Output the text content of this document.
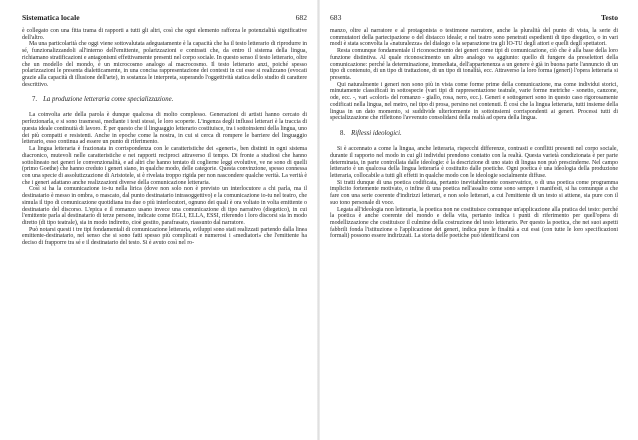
Sistematica locale	682

è collegato con una fitta trama di rapporti a tutti gli altri, così che ogni elemento rafforza le potenzialità significative dell'altro.

Ma una particolarità che oggi viene sottovalutata adeguatamente è la capacità che ha il testo letterario di riprodurre in sé, funzionalizzandoli all'interno dell'emittente, polarizzazioni e contrasti che, da entro il sistema della lingua, richiamano stratificazioni e antagonismi effettivamente presenti nel corpo sociale. In questo senso il testo letterario, oltre che un modello del mondo, è un microcosmo analogo al macrocosmo. Il testo letterario anzi, poiché spesso polarizzazioni le presenta dialetticamente, in una concisa rappresentazione dei contesti in cui esse si realizzano (evocati grazie alla capacità di illusione dell'arte), in sostanza le interpreta, superando l'oggettività statica dello studio di carattere descrittivo.

7. La produzione letteraria come specializzazione.

La coinvolta arte della parola è dunque qualcosa di molto complesso. Generazioni di artisti hanno cercato di perfezionarla, e si sono trasmessi, mediante i testi stessi, le loro scoperte. L'ingenza degli influssi letterari è la traccia di questa ideale continuità di lavoro. È per questo che il linguaggio letterario costituisce, tra i sottoinsiemi della lingua, uno dei più compatti e resistenti. Anche in epoche come la nostra, in cui si cerca di rompere le barriere del linguaggio letterario, esso continua ad essere un punto di riferimento.

La lingua letteraria è frazionata in corrispondenza con le caratteristiche dei «generi», ben distinti in ogni sistema diacronico, mutevoli nelle caratteristiche e nei rapporti reciproci attraverso il tempo. Di fronte a studiosi che hanno sottolineato nei generi le convenzionalità, e ad altri che hanno tentato di coglierne leggi evolutive, ve ne sono di quelli (primo Goethe) che hanno creduto i generi siano, in qualche modo, delle categorie. Questa convinzione, spesso connessa con una specie di assolutizzazione di Aristotele, si è rivelata troppo rigida per non nascondere qualche verità. La verità è che i generi adattano anche realizzazioni diverse della comunicazione letteraria.

Così si ha la comunicazione io-tu nella lirica (dove non solo non è previsto un interlocutore a chi parla, ma il destinatario è messo in ombra, o mascato, dal punto destinatario intrasoggettivo) e la comunicazione io-tu nel teatro, che simula il tipo di comunicazione quotidiana tra due o più interlocutori, ognuno dei quali è ora voltato in volta emittente o destinatario del discorso. L'epica e il romanzo usano invece una comunicazione di tipo narrativo (diegetico), in cui l'emittente parla al destinatario di terze persone, indicate come EGLI, ELLA, ESSI, riferendo i loro discorsi sia in modo diretto (di tipo teatrale), sia in modo indiretto, cioè gestito, parafrasato, riassunto dal narratore.

Può notarsi questi i tre tipi fondamentali di comunicazione letteraria, sviluppi sono stati realizzati partendo dalla linea emittente-destinatario, nel senso che si sono fatti spesso più complicati e numerosi i «mediatori» che l'emittente ha deciso di frapporre tra sé e il destinatario del testo. Si è avuto così nel ro-

683	Testo

manzo, oltre al narratore e al protagonista o testimone narratore, anche la pluralità del punto di vista, la serie di commutatori della partecipazione o del distacco ideale; e nel teatro sono penetrati espedienti di tipo diegetico, o in vari modi è stata sconvolta la «naturalezza» del dialogo o la separazione tra gli IO-TU degli attori e quelli degli spettatori.

Resta comunque fondamentale il riconoscimento dei generi come tipi di comunicazione, ciò che è alla base della loro funzione distintiva. Al quale riconoscimento un altro analogo va aggiunto: quello di fungere da preselettori della comunicazione: perché la determinazione, immediata, dell'appartenenza a un genere è già in buona parte l'annuncio di un tipo di contenuto, di un tipo di trattazione, di un tipo di tonalità, ecc. Attraverso la loro forma (generi) l'opera letteraria si presenta.

Qui naturalmente i generi non sono più in vista come forme prime della comunicazione, ma come individui storici, minutamente classificati in sottospecie (vari tipi di rappresentazione teatrale, varie forme metriche - sonetto, canzone, ode, ecc. -, vari «colori» del romanzo - giallo, rosa, nero, ecc.). Generi e sottogeneri sono in questo caso rigorosamente codificati nella lingua, nel metro, nel tipo di prosa, persino nei contenuti. È così che la lingua letteraria, tutti insieme della lingua in un dato momento, si suddivide ulteriormente in sottoinsiemi corrispondenti ai generi. Processi tutti di specializzazione che riflettono l'avvenuto consolidarsi della realtà ad opera della lingua.

8. Riflessi ideologici.

Si è accennato a come la lingua, anche letteraria, rispecchi differenze, contrasti e conflitti presenti nel corpo sociale, durante il rapporto nel modo in cui gli individui prendono contatto con la realtà. Questa varietà condizionata è per parte determinata, in parte controllata dalle ideologie: è la descrizione di uno stato di lingua non può prescinderne. Nel campo letterario è un qualcosa della lingua letteraria è costituito dalle poetiche. Ogni poetica è una ideologia della produzione letteraria, collocabile a tutti gli effetti in qualche modo con le ideologie socialmente diffuse.

Si tratti dunque di una poetica codificata, pertanto inevitabilmente conservatrice, o di una poetica come programma implicito fortemente motivato, o infine di una poetica nell'assalto come sono sempre i manifesti, si ha comunque a che fare con una serie coerente d'indirizzi letterari, e non solo letterari, a cui l'emittente di un testo si attiene, sia pure con il suo tono personale di voce.

Legata all'ideologia non letteraria, la poetica non ne costituisce comunque un'applicazione alla pratica del testo: perché la poetica è anche coerente del mondo e della vita, pertanto indica i punti di riferimento per quell'opera di modellizzazione che costituisce il culmine della costruzione del testo letterario. Per questo la poetica, che nei suoi aspetti fabbrili fonda l'istituzione o l'applicazione dei generi, indica pure le finalità a cui essi (con tutte le loro specificazioni formali) possono essere indirizzati. La storia delle poetiche può identificarsi con
